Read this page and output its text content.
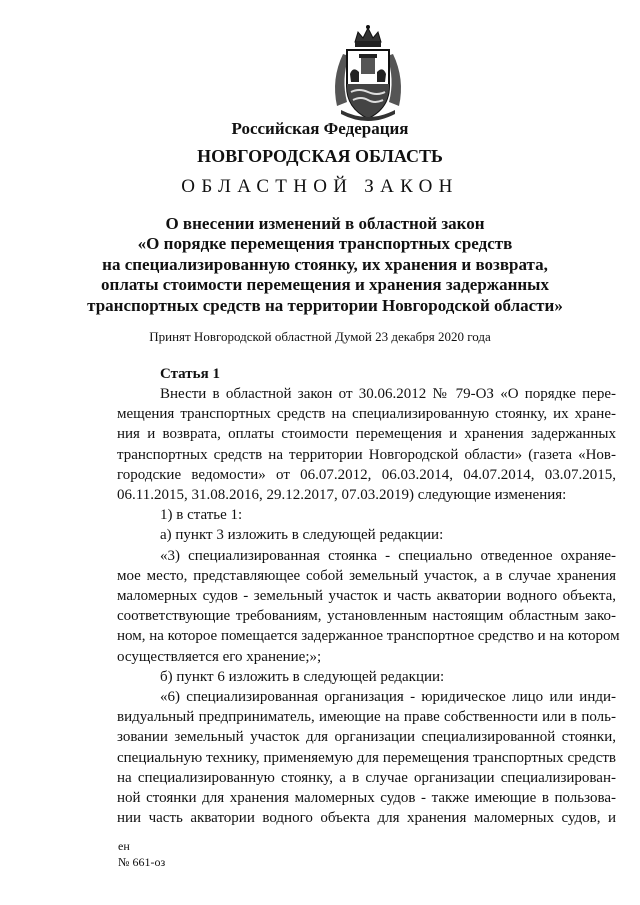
Российская Федерация
НОВГОРОДСКАЯ ОБЛАСТЬ
ОБЛАСТНОЙ ЗАКОН
О внесении изменений в областной закон
«О порядке перемещения транспортных средств
на специализированную стоянку, их хранения и возврата,
оплаты стоимости перемещения и хранения задержанных
транспортных средств на территории Новгородской области»
Принят Новгородской областной Думой 23 декабря 2020 года
Статья 1
Внести в областной закон от 30.06.2012 № 79-ОЗ «О порядке пере-
мещения транспортных средств на специализированную стоянку, их хране-
ния и возврата, оплаты стоимости перемещения и хранения задержанных
транспортных средств на территории Новгородской области» (газета «Нов-
городские ведомости» от 06.07.2012, 06.03.2014, 04.07.2014, 03.07.2015,
06.11.2015, 31.08.2016, 29.12.2017, 07.03.2019) следующие изменения:
1) в статье 1:
а) пункт 3 изложить в следующей редакции:
«3) специализированная стоянка - специально отведенное охраняе-
мое место, представляющее собой земельный участок, а в случае хранения
маломерных судов - земельный участок и часть акватории водного объекта,
соответствующие требованиям, установленным настоящим областным зако-
ном, на которое помещается задержанное транспортное средство и на котором
осуществляется его хранение;»;
б) пункт 6 изложить в следующей редакции:
«6) специализированная организация - юридическое лицо или инди-
видуальный предприниматель, имеющие на праве собственности или в поль-
зовании земельный участок для организации специализированной стоянки,
специальную технику, применяемую для перемещения транспортных средств
на специализированную стоянку, а в случае организации специализирован-
ной стоянки для хранения маломерных судов - также имеющие в пользова-
нии часть акватории водного объекта для хранения маломерных судов, и
ен
№ 661-оз
